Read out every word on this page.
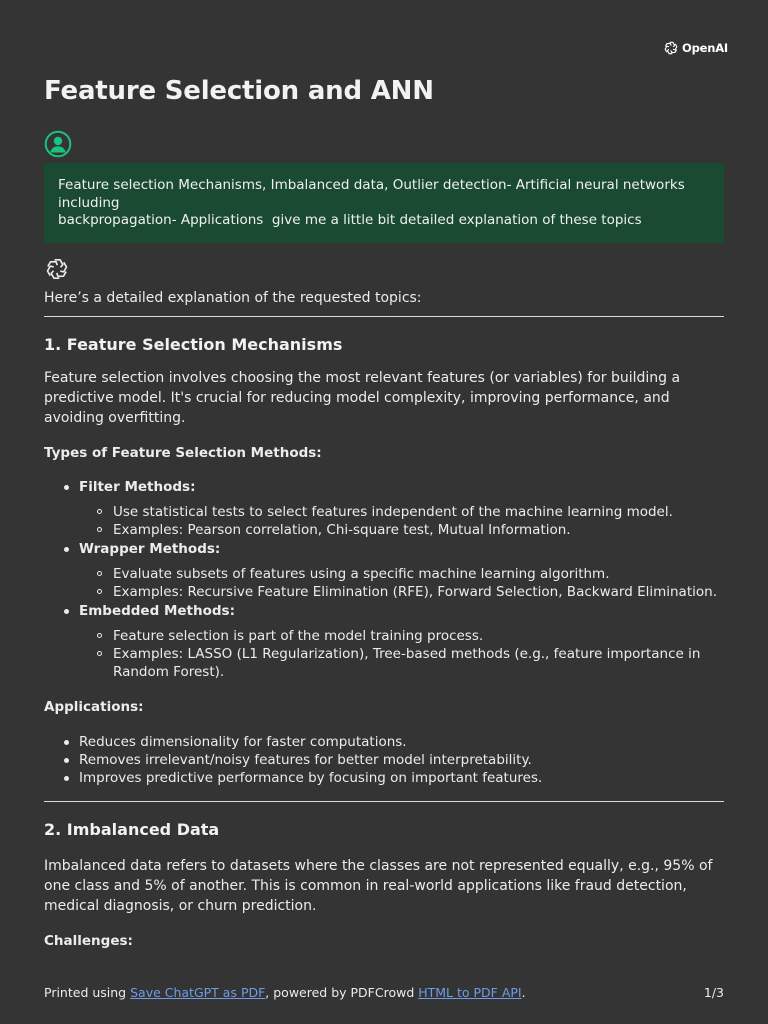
OpenAI
Feature Selection and ANN
Feature selection Mechanisms, Imbalanced data, Outlier detection- Artificial neural networks
including
backpropagation- Applications  give me a little bit detailed explanation of these topics

Here’s a detailed explanation of the requested topics:

1. Feature Selection Mechanisms

Feature selection involves choosing the most relevant features (or variables) for building a predictive model. It's crucial for reducing model complexity, improving performance, and avoiding overfitting.

Types of Feature Selection Methods:

Filter Methods:
Use statistical tests to select features independent of the machine learning model.
Examples: Pearson correlation, Chi-square test, Mutual Information.
Wrapper Methods:
Evaluate subsets of features using a specific machine learning algorithm.
Examples: Recursive Feature Elimination (RFE), Forward Selection, Backward Elimination.
Embedded Methods:
Feature selection is part of the model training process.
Examples: LASSO (L1 Regularization), Tree-based methods (e.g., feature importance in Random Forest).

Applications:

Reduces dimensionality for faster computations.
Removes irrelevant/noisy features for better model interpretability.
Improves predictive performance by focusing on important features.
2. Imbalanced Data

Imbalanced data refers to datasets where the classes are not represented equally, e.g., 95% of one class and 5% of another. This is common in real-world applications like fraud detection, medical diagnosis, or churn prediction.

Challenges:

Printed using Save ChatGPT as PDF, powered by PDFCrowd HTML to PDF API.	1/3
